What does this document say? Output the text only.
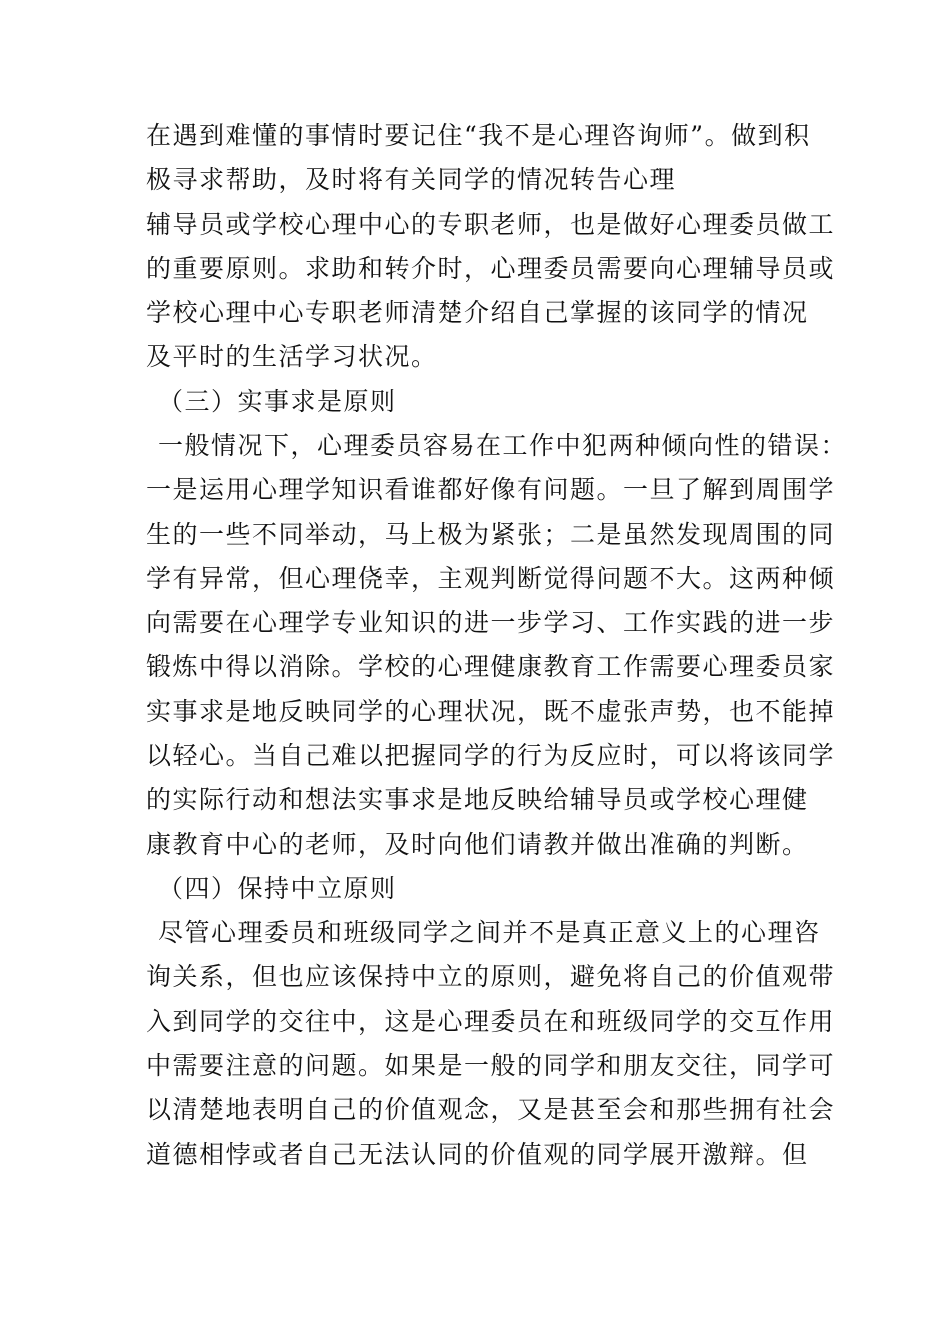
在遇到难懂的事情时要记住“我不是心理咨询师”。做到积
极寻求帮助，及时将有关同学的情况转告心理
辅导员或学校心理中心的专职老师，也是做好心理委员做工
的重要原则。求助和转介时，心理委员需要向心理辅导员或
学校心理中心专职老师清楚介绍自己掌握的该同学的情况
及平时的生活学习状况。
（三）实事求是原则
一般情况下，心理委员容易在工作中犯两种倾向性的错误：
一是运用心理学知识看谁都好像有问题。一旦了解到周围学
生的一些不同举动，马上极为紧张；二是虽然发现周围的同
学有异常，但心理侥幸，主观判断觉得问题不大。这两种倾
向需要在心理学专业知识的进一步学习、工作实践的进一步
锻炼中得以消除。学校的心理健康教育工作需要心理委员家
实事求是地反映同学的心理状况，既不虚张声势，也不能掉
以轻心。当自己难以把握同学的行为反应时，可以将该同学
的实际行动和想法实事求是地反映给辅导员或学校心理健
康教育中心的老师，及时向他们请教并做出准确的判断。
（四）保持中立原则
尽管心理委员和班级同学之间并不是真正意义上的心理咨
询关系，但也应该保持中立的原则，避免将自己的价值观带
入到同学的交往中，这是心理委员在和班级同学的交互作用
中需要注意的问题。如果是一般的同学和朋友交往，同学可
以清楚地表明自己的价值观念，又是甚至会和那些拥有社会
道德相悖或者自己无法认同的价值观的同学展开激辩。但
